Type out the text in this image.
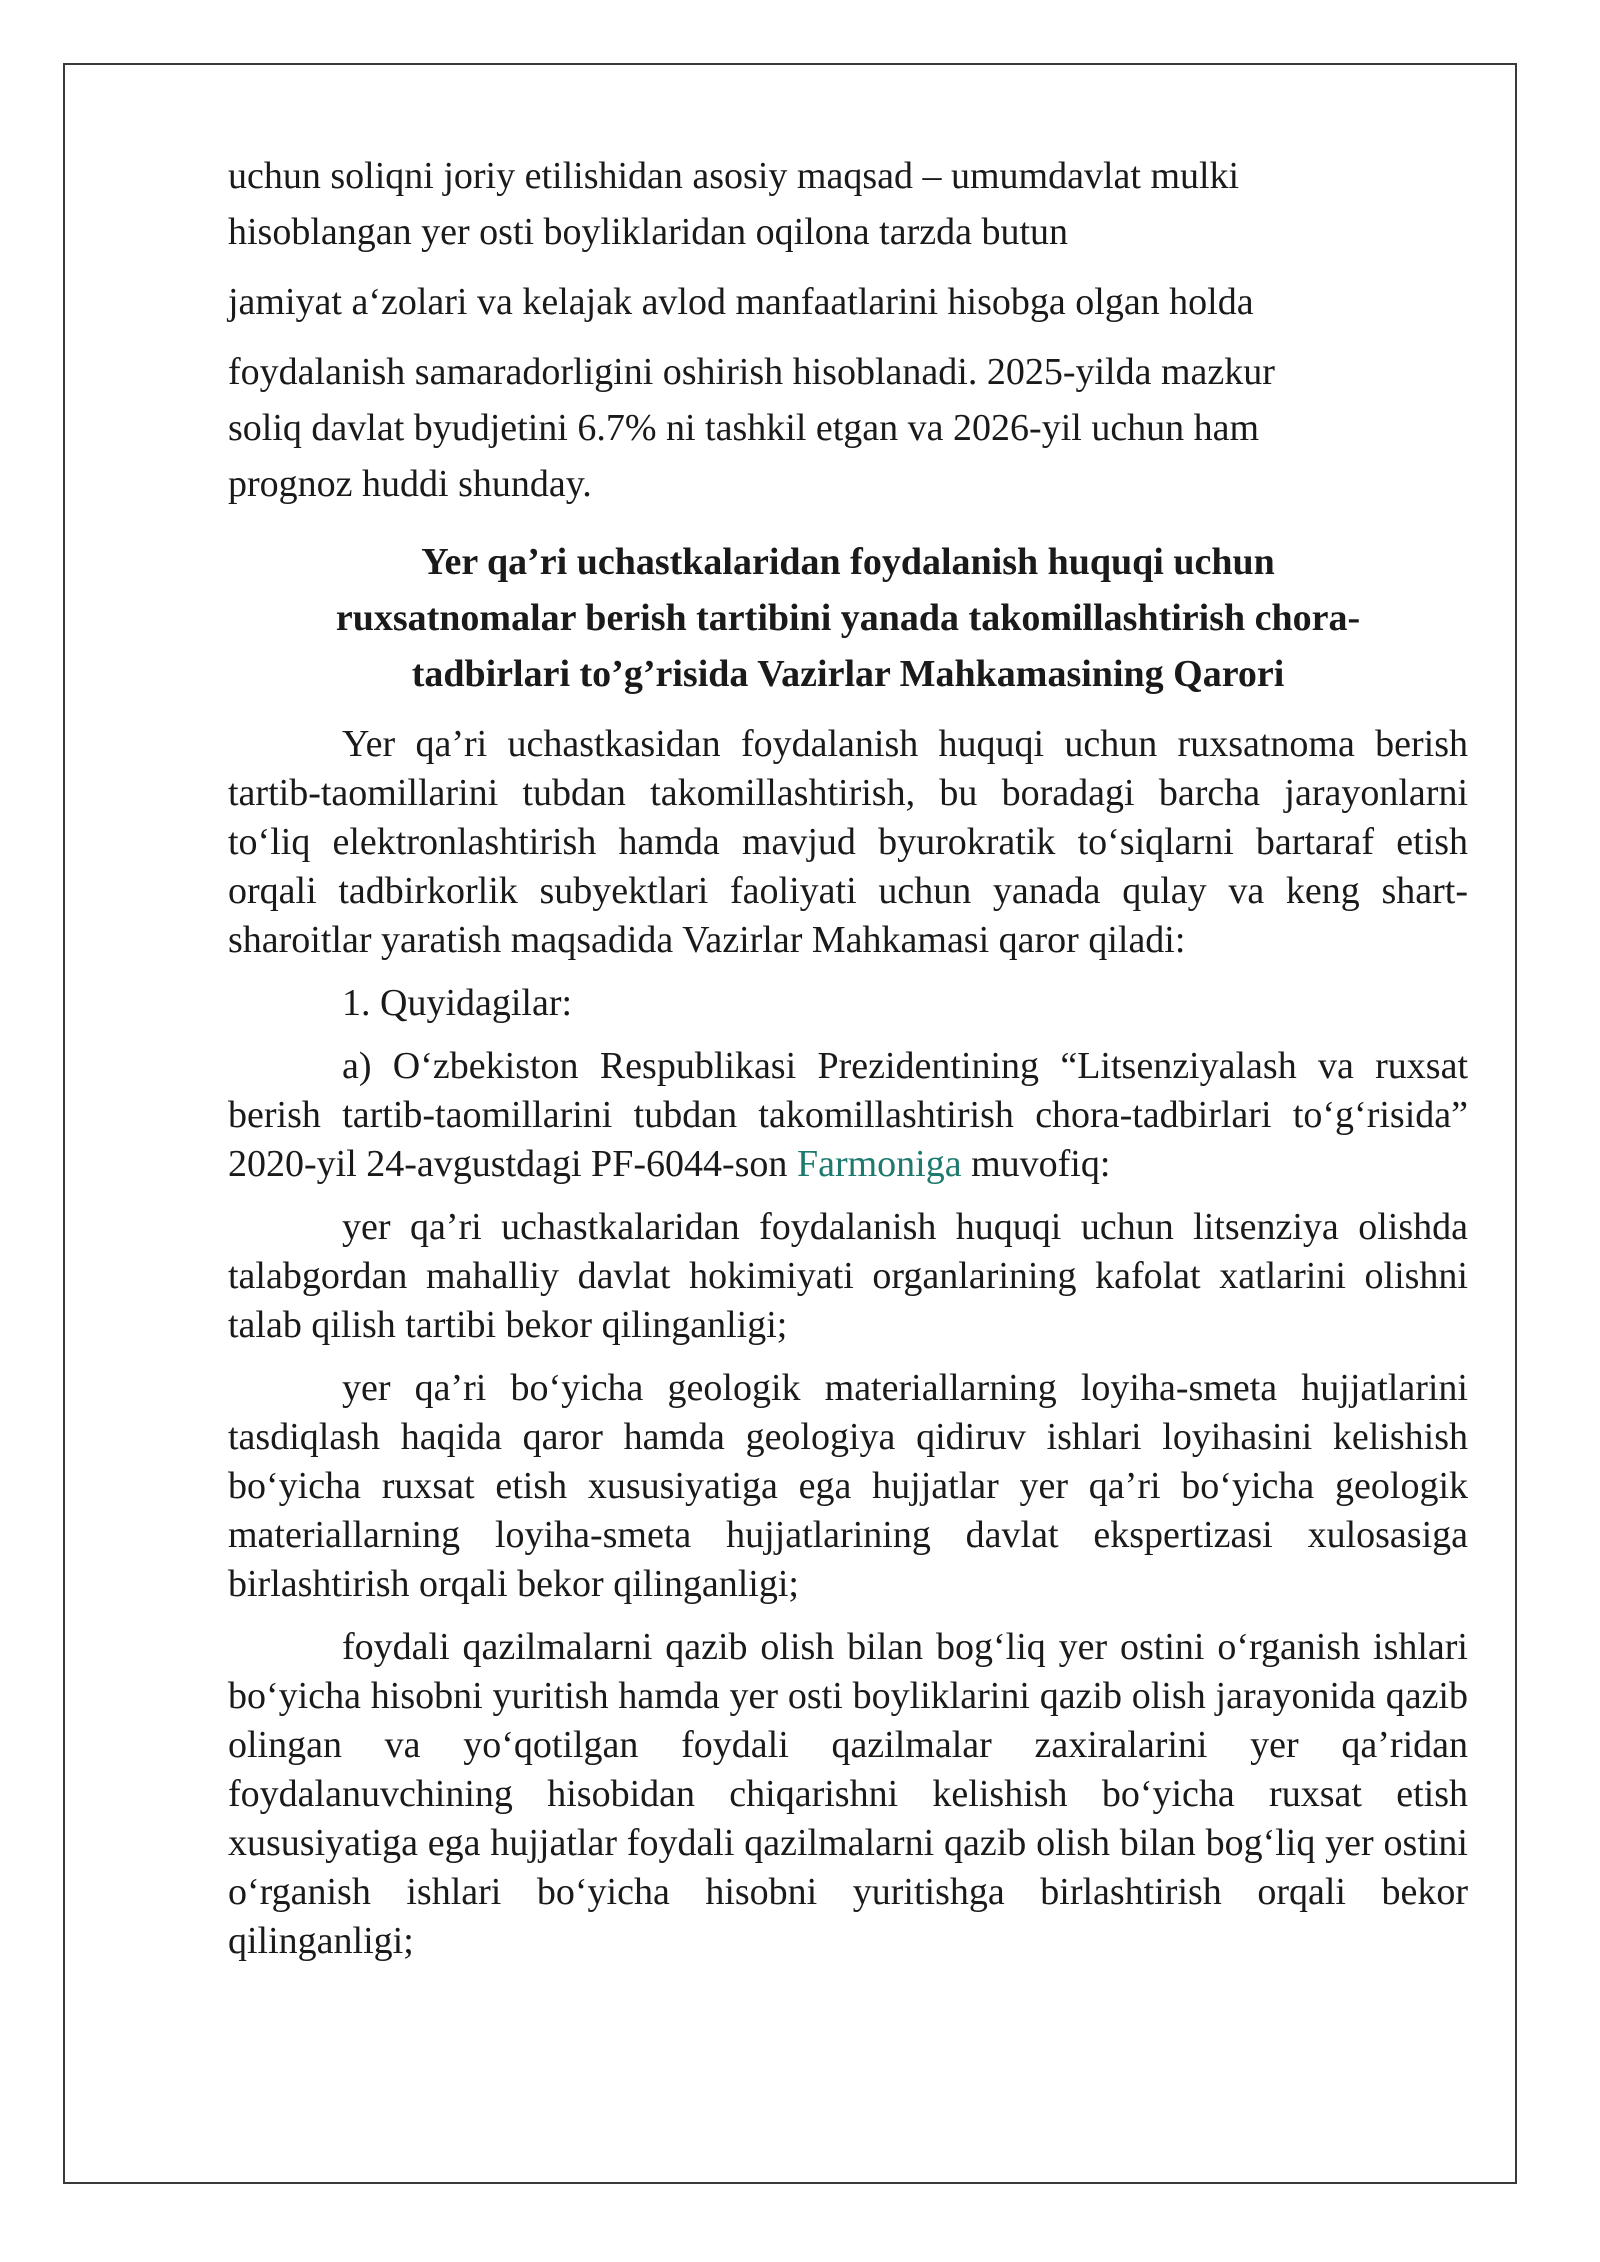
uchun soliqni joriy etilishidan asosiy maqsad – umumdavlat mulki

hisoblangan yer osti boyliklaridan oqilona tarzda butun

jamiyat a‘zolari va kelajak avlod manfaatlarini hisobga olgan holda

foydalanish samaradorligini oshirish hisoblanadi. 2025-yilda mazkur

soliq davlat byudjetini 6.7% ni tashkil etgan va 2026-yil uchun ham

prognoz huddi shunday.

Yer qa’ri uchastkalaridan foydalanish huquqi uchun
ruxsatnomalar berish tartibini yanada takomillashtirish chora-
tadbirlari to’g’risida Vazirlar Mahkamasining Qarori

Yer qa’ri uchastkasidan foydalanish huquqi uchun ruxsatnoma berish tartib-taomillarini tubdan takomillashtirish, bu boradagi barcha jarayonlarni to‘liq elektronlashtirish hamda mavjud byurokratik to‘siqlarni bartaraf etish orqali tadbirkorlik subyektlari faoliyati uchun yanada qulay va keng shart-sharoitlar yaratish maqsadida Vazirlar Mahkamasi qaror qiladi:

1. Quyidagilar:

a) O‘zbekiston Respublikasi Prezidentining “Litsenziyalash va ruxsat berish tartib-taomillarini tubdan takomillashtirish chora-tadbirlari to‘g‘risida” 2020-yil 24-avgustdagi PF-6044-son Farmoniga muvofiq:

yer qa’ri uchastkalaridan foydalanish huquqi uchun litsenziya olishda talabgordan mahalliy davlat hokimiyati organlarining kafolat xatlarini olishni talab qilish tartibi bekor qilinganligi;

yer qa’ri bo‘yicha geologik materiallarning loyiha-smeta hujjatlarini tasdiqlash haqida qaror hamda geologiya qidiruv ishlari loyihasini kelishish bo‘yicha ruxsat etish xususiyatiga ega hujjatlar yer qa’ri bo‘yicha geologik materiallarning loyiha-smeta hujjatlarining davlat ekspertizasi xulosasiga birlashtirish orqali bekor qilinganligi;

foydali qazilmalarni qazib olish bilan bog‘liq yer ostini o‘rganish ishlari bo‘yicha hisobni yuritish hamda yer osti boyliklarini qazib olish jarayonida qazib olingan va yo‘qotilgan foydali qazilmalar zaxiralarini yer qa’ridan foydalanuvchining hisobidan chiqarishni kelishish bo‘yicha ruxsat etish xususiyatiga ega hujjatlar foydali qazilmalarni qazib olish bilan bog‘liq yer ostini o‘rganish ishlari bo‘yicha hisobni yuritishga birlashtirish orqali bekor qilinganligi;
